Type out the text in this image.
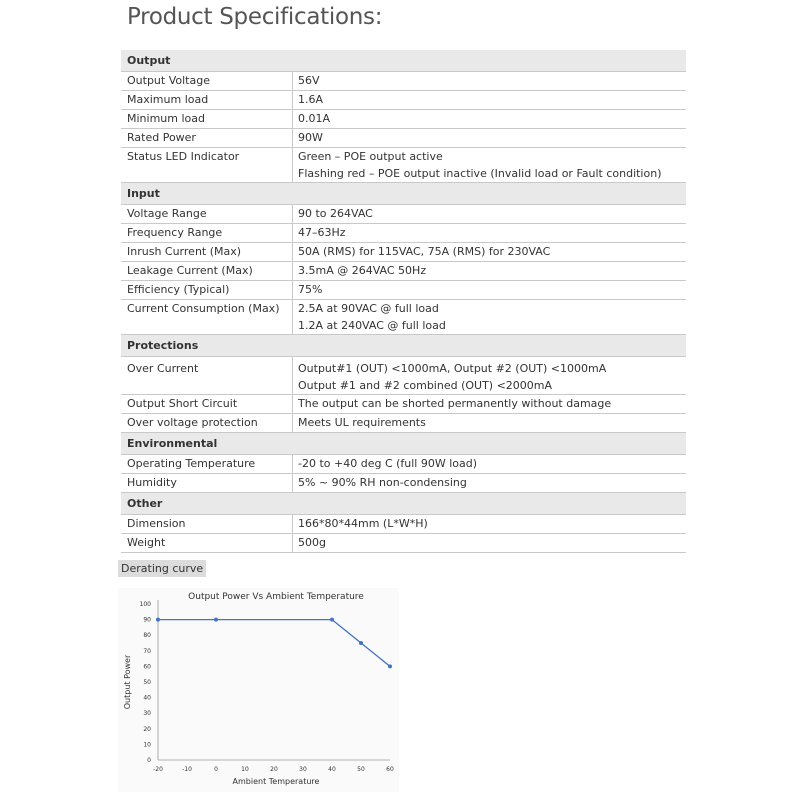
Product Specifications:
Output	
Output Voltage	56V

Maximum load	1.6A

Minimum load	0.01A

Rated Power	90W

Status LED Indicator	Green – POE output active
Flashing red – POE output inactive (Invalid load or Fault condition)

Input	
Voltage Range	90 to 264VAC

Frequency Range	47–63Hz

Inrush Current (Max)	50A (RMS) for 115VAC, 75A (RMS) for 230VAC

Leakage Current (Max)	3.5mA @ 264VAC 50Hz

Efficiency (Typical)	75%

Current Consumption (Max)	2.5A at 90VAC @ full load
1.2A at 240VAC @ full load

Protections	
Over Current	Output#1 (OUT) <1000mA, Output #2 (OUT) <1000mA
Output #1 and #2 combined (OUT) <2000mA

Output Short Circuit	The output can be shorted permanently without damage

Over voltage protection	Meets UL requirements

Environmental	
Operating Temperature	-20 to +40 deg C (full 90W load)

Humidity	5% ~ 90% RH non-condensing

Other	
Dimension	166*80*44mm (L*W*H)

Weight	500g
Derating curve
Output Power Vs Ambient Temperature
0
10
20
30
40
50
60
70
80
90
100
-20	-10	0	10	20	30	40	50	60
Ambient Temperature
Output Power
